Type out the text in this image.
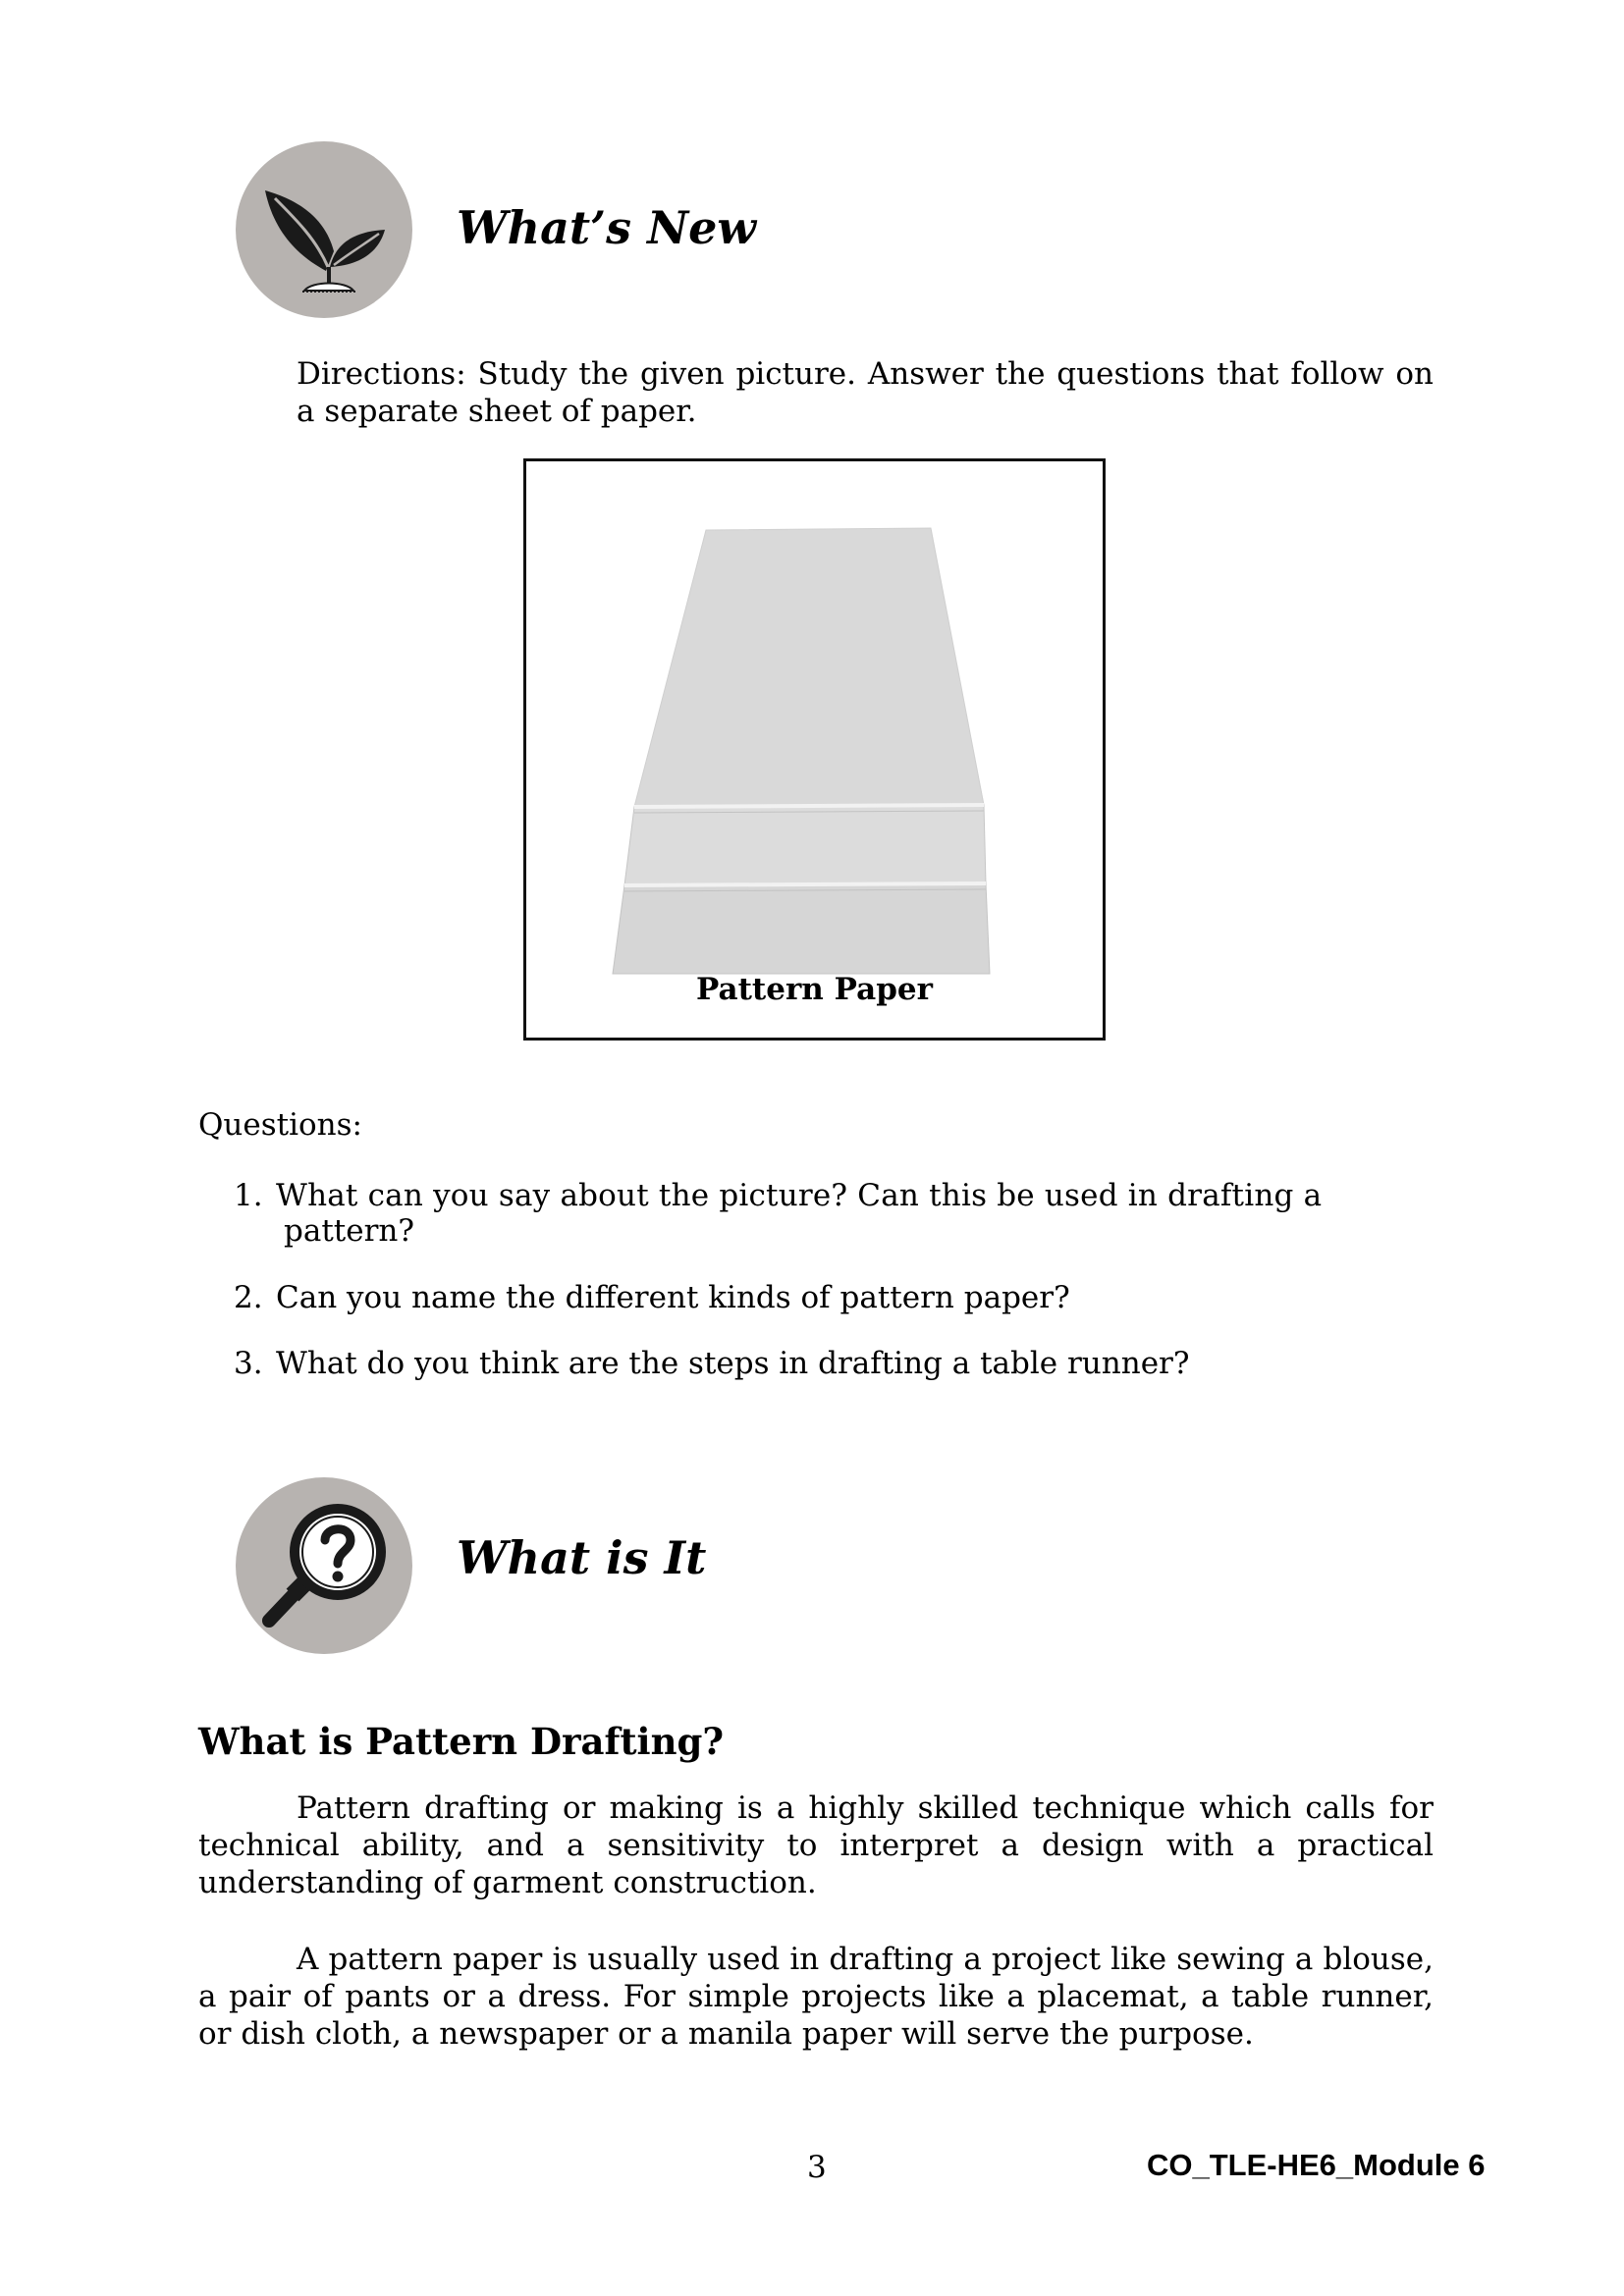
What’s New

Directions: Study the given picture. Answer the questions that follow on a separate sheet of paper.

Pattern Paper

Questions:

1. What can you say about the picture? Can this be used in drafting a

pattern?

2. Can you name the different kinds of pattern paper?

3. What do you think are the steps in drafting a table runner?

What is It
What is Pattern Drafting?

Pattern drafting or making is a highly skilled technique which calls for technical ability, and a sensitivity to interpret a design with a practical understanding of garment construction.

A pattern paper is usually used in drafting a project like sewing a blouse, a pair of pants or a dress. For simple projects like a placemat, a table runner, or dish cloth, a newspaper or a manila paper will serve the purpose.

3	CO_TLE-HE6_Module 6
